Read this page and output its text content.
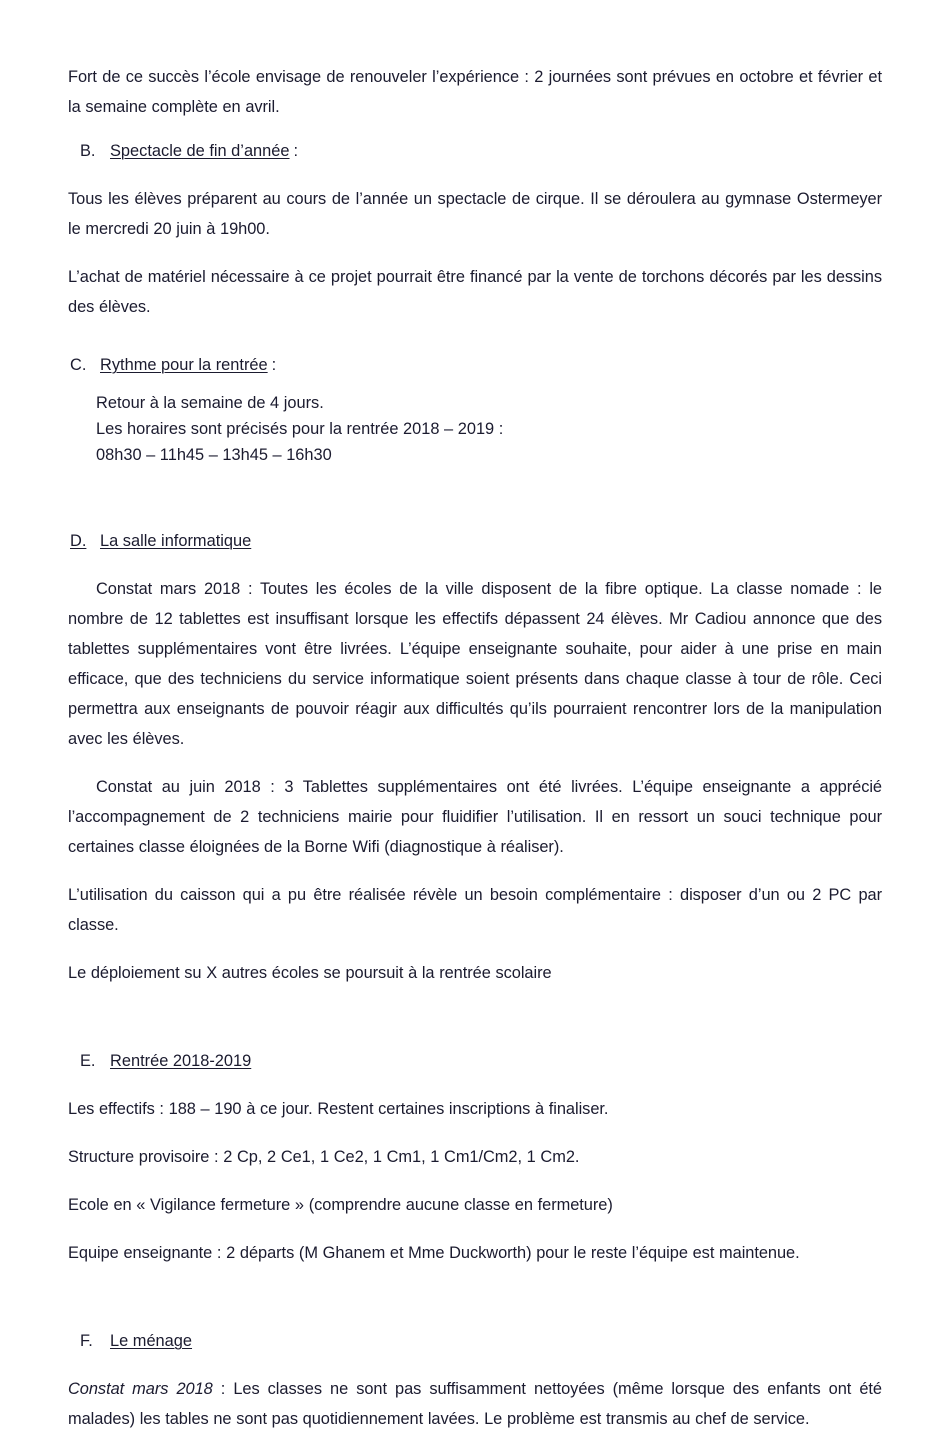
Fort de ce succès l’école envisage de renouveler l’expérience : 2 journées sont prévues en octobre et février et la semaine complète en avril.

B. Spectacle de fin d’année :

Tous les élèves préparent au cours de l’année un spectacle de cirque. Il se déroulera au gymnase Ostermeyer le mercredi 20 juin à 19h00.

L’achat de matériel nécessaire à ce projet pourrait être financé par la vente de torchons décorés par les dessins des élèves.

C. Rythme pour la rentrée :

Retour à la semaine de 4 jours.

Les horaires sont précisés pour la rentrée 2018 – 2019 :

08h30 – 11h45 – 13h45 – 16h30

D. La salle informatique

Constat mars 2018 : Toutes les écoles de la ville disposent de la fibre optique. La classe nomade : le nombre de 12 tablettes est insuffisant lorsque les effectifs dépassent 24 élèves. Mr Cadiou annonce que des tablettes supplémentaires vont être livrées. L’équipe enseignante souhaite, pour aider à une prise en main efficace, que des techniciens du service informatique soient présents dans chaque classe à tour de rôle. Ceci permettra aux enseignants de pouvoir réagir aux difficultés qu’ils pourraient rencontrer lors de la manipulation avec les élèves.

Constat au juin 2018 : 3 Tablettes supplémentaires ont été livrées. L’équipe enseignante a apprécié l’accompagnement de 2 techniciens mairie pour fluidifier l’utilisation. Il en ressort un souci technique pour certaines classe éloignées de la Borne Wifi (diagnostique à réaliser).

L’utilisation du caisson qui a pu être réalisée révèle un besoin complémentaire : disposer d’un ou 2 PC par classe.

Le déploiement su X autres écoles se poursuit à la rentrée scolaire

E. Rentrée 2018-2019

Les effectifs : 188 – 190 à ce jour. Restent certaines inscriptions à finaliser.

Structure provisoire : 2 Cp, 2 Ce1, 1 Ce2, 1 Cm1, 1 Cm1/Cm2, 1 Cm2.

Ecole en « Vigilance fermeture » (comprendre aucune classe en fermeture)

Equipe enseignante : 2 départs (M Ghanem et Mme Duckworth) pour le reste l’équipe est maintenue.

F.	Le ménage

Constat mars 2018 : Les classes ne sont pas suffisamment nettoyées (même lorsque des enfants ont été malades) les tables ne sont pas quotidiennement lavées. Le problème est transmis au chef de service.
